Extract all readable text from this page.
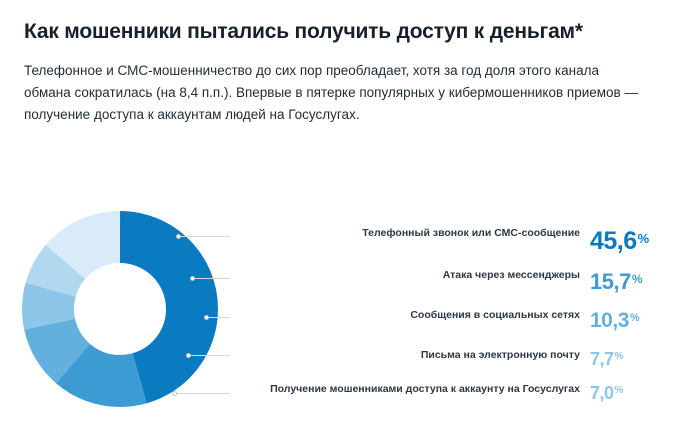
Как мошенники пытались получить доступ к деньгам*

Телефонное и СМС-мошенничество до сих пор преобладает, хотя за год доля этого канала обмана сократилась (на 8,4 п.п.). Впервые в пятерке популярных у кибермошенников приемов — получение доступа к аккаунтам людей на Госуслугах.

Телефонный звонок или СМС-сообщение 45,6%
Атака через мессенджеры 15,7%
Сообщения в социальных сетях 10,3%
Письма на электронную почту 7,7%
Получение мошенниками доступа к аккаунту на Госуслугах 7,0%
